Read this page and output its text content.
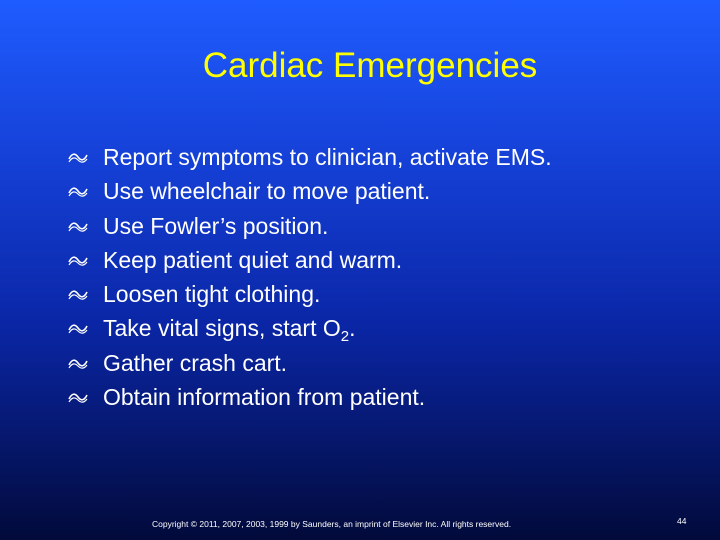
Cardiac Emergencies
Report symptoms to clinician, activate EMS.
Use wheelchair to move patient.
Use Fowler’s position.
Keep patient quiet and warm.
Loosen tight clothing.
Take vital signs, start $O_2$.
Gather crash cart.
Obtain information from patient.
Copyright © 2011, 2007, 2003, 1999 by Saunders, an imprint of Elsevier Inc. All rights reserved.	44
